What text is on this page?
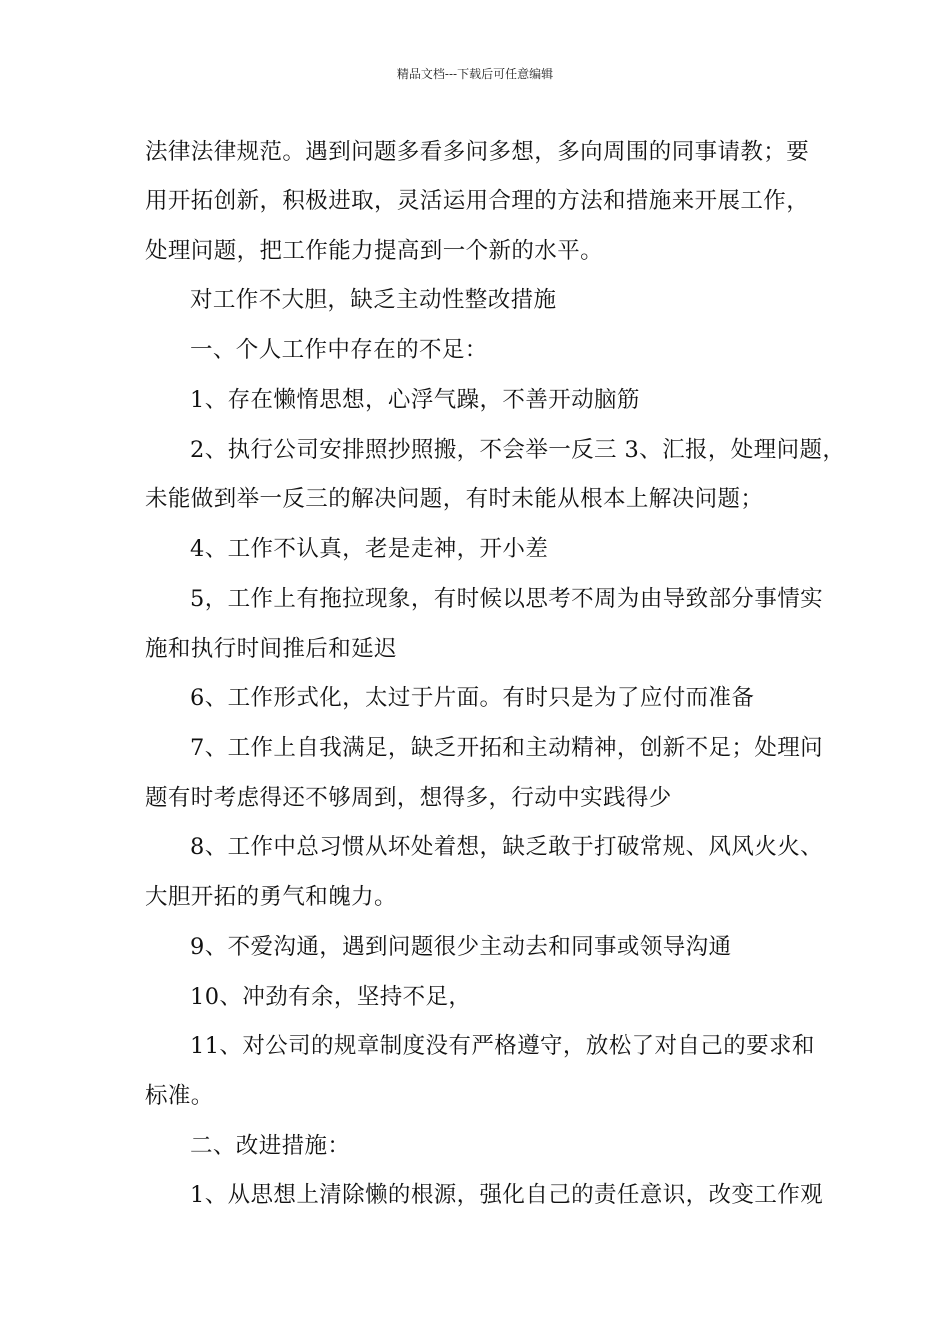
精品文档---下载后可任意编辑
法律法律规范。遇到问题多看多问多想，多向周围的同事请教；要
用开拓创新，积极进取，灵活运用合理的方法和措施来开展工作，
处理问题，把工作能力提高到一个新的水平。
对工作不大胆，缺乏主动性整改措施
一、个人工作中存在的不足：
1、存在懒惰思想，心浮气躁，不善开动脑筋
2、执行公司安排照抄照搬，不会举一反三 3、汇报，处理问题，
未能做到举一反三的解决问题，有时未能从根本上解决问题；
4、工作不认真，老是走神，开小差
5，工作上有拖拉现象，有时候以思考不周为由导致部分事情实
施和执行时间推后和延迟
6、工作形式化，太过于片面。有时只是为了应付而准备
7、工作上自我满足，缺乏开拓和主动精神，创新不足；处理问
题有时考虑得还不够周到，想得多，行动中实践得少
8、工作中总习惯从坏处着想，缺乏敢于打破常规、风风火火、
大胆开拓的勇气和魄力。
9、不爱沟通，遇到问题很少主动去和同事或领导沟通
10、冲劲有余，坚持不足，
11、对公司的规章制度没有严格遵守，放松了对自己的要求和
标准。
二、改进措施：
1、从思想上清除懒的根源，强化自己的责任意识，改变工作观
